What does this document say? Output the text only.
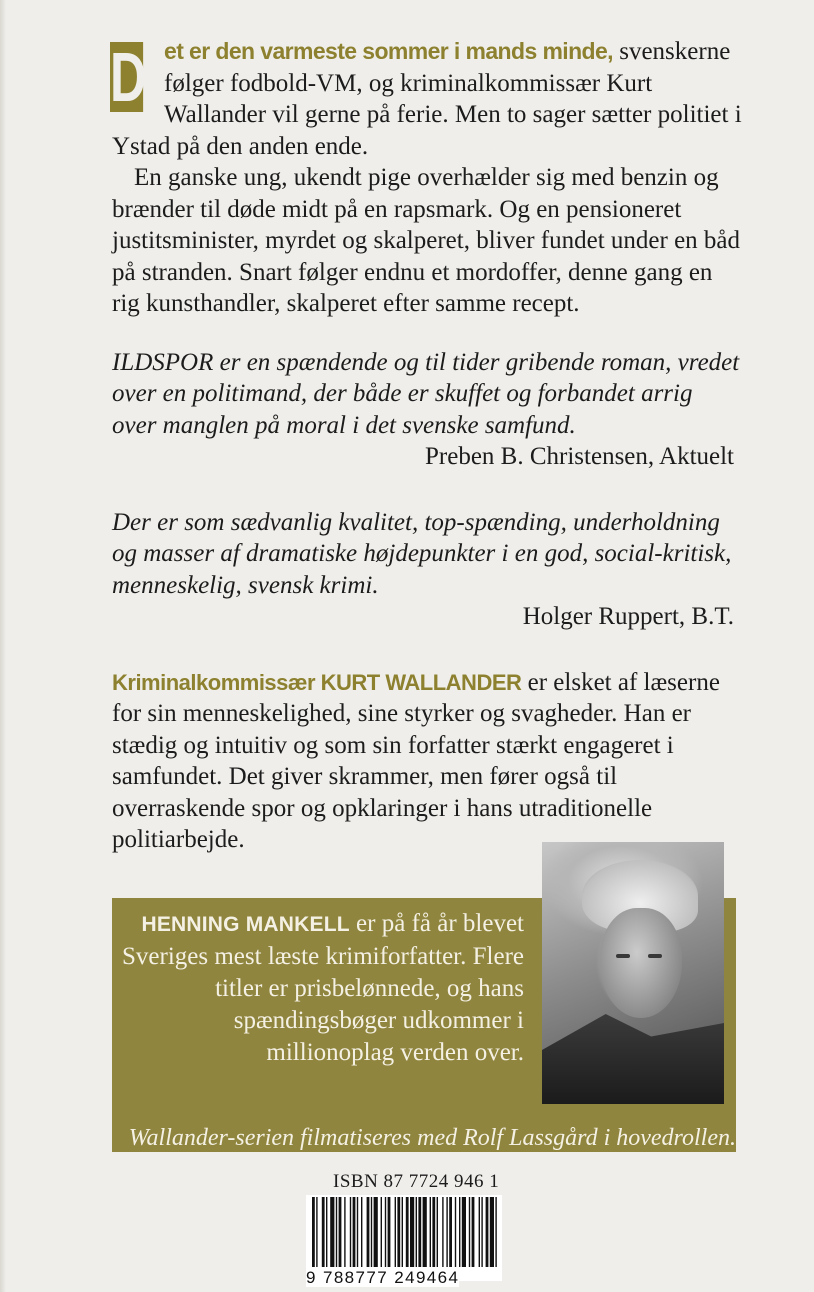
D et er den varmeste sommer i mands minde, svenskerne følger fodbold-VM, og kriminalkommissær Kurt Wallander vil gerne på ferie. Men to sager sætter politiet i Ystad på den anden ende.

En ganske ung, ukendt pige overhælder sig med benzin og brænder til døde midt på en rapsmark. Og en pensioneret justitsminister, myrdet og skalperet, bliver fundet under en båd på stranden. Snart følger endnu et mordoffer, denne gang en rig kunsthandler, skalperet efter samme recept.

ILDSPOR er en spændende og til tider gribende roman, vredet over en politimand, der både er skuffet og forbandet arrig over manglen på moral i det svenske samfund.

Preben B. Christensen, Aktuelt

Der er som sædvanlig kvalitet, top-spænding, underholdning og masser af dramatiske højdepunkter i en god, social-kritisk, menneskelig, svensk krimi.

Holger Ruppert, B.T.

Kriminalkommissær KURT WALLANDER er elsket af læserne for sin menneskelighed, sine styrker og svagheder. Han er stædig og intuitiv og som sin forfatter stærkt engageret i samfundet. Det giver skrammer, men fører også til overraskende spor og opklaringer i hans utraditionelle politiarbejde.

HENNING MANKELL er på få år blevet Sveriges mest læste krimiforfatter. Flere titler er prisbelønnede, og hans spændingsbøger udkommer i millionoplag verden over.
Wallander-serien filmatiseres med Rolf Lassgård i hovedrollen.
ISBN 87 7724 946 1
9 788777 249464
